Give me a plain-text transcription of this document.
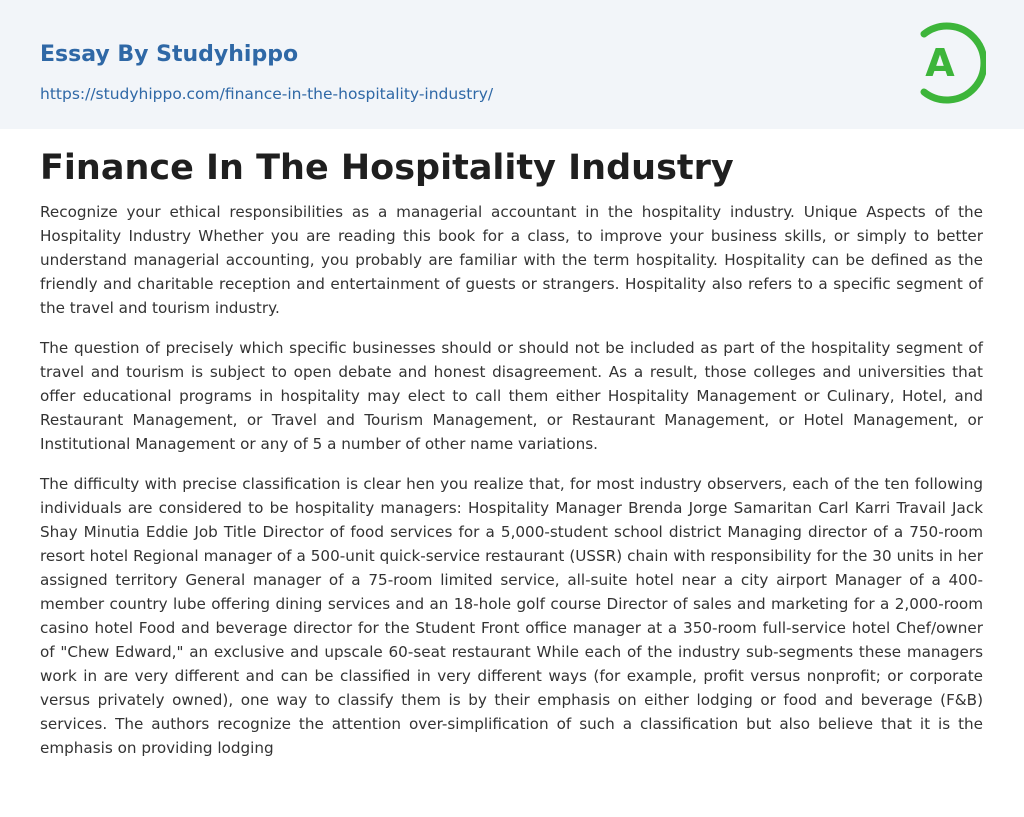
Essay By Studyhippo
https://studyhippo.com/finance-in-the-hospitality-industry/
A
Finance In The Hospitality Industry

Recognize your ethical responsibilities as a managerial accountant in the hospitality industry. Unique Aspects of the Hospitality Industry Whether you are reading this book for a class, to improve your business skills, or simply to better understand managerial accounting, you probably are familiar with the term hospitality. Hospitality can be defined as the friendly and charitable reception and entertainment of guests or strangers. Hospitality also refers to a specific segment of the travel and tourism industry.

The question of precisely which specific businesses should or should not be included as part of the hospitality segment of travel and tourism is subject to open debate and honest disagreement. As a result, those colleges and universities that offer educational programs in hospitality may elect to call them either Hospitality Management or Culinary, Hotel, and Restaurant Management, or Travel and Tourism Management, or Restaurant Management, or Hotel Management, or Institutional Management or any of 5 a number of other name variations.

The difficulty with precise classification is clear hen you realize that, for most industry observers, each of the ten following individuals are considered to be hospitality managers: Hospitality Manager Brenda Jorge Samaritan Carl Karri Travail Jack Shay Minutia Eddie Job Title Director of food services for a 5,000-student school district Managing director of a 750-room resort hotel Regional manager of a 500-unit quick-service restaurant (USSR) chain with responsibility for the 30 units in her assigned territory General manager of a 75-room limited service, all-suite hotel near a city airport Manager of a 400-member country lube offering dining services and an 18-hole golf course Director of sales and marketing for a 2,000-room casino hotel Food and beverage director for the Student Front office manager at a 350-room full-service hotel Chef/owner of "Chew Edward," an exclusive and upscale 60-seat restaurant While each of the industry sub-segments these managers work in are very different and can be classified in very different ways (for example, profit versus nonprofit; or corporate versus privately owned), one way to classify them is by their emphasis on either lodging or food and beverage (F&B) services. The authors recognize the attention over-simplification of such a classification but also believe that it is the emphasis on providing lodging
